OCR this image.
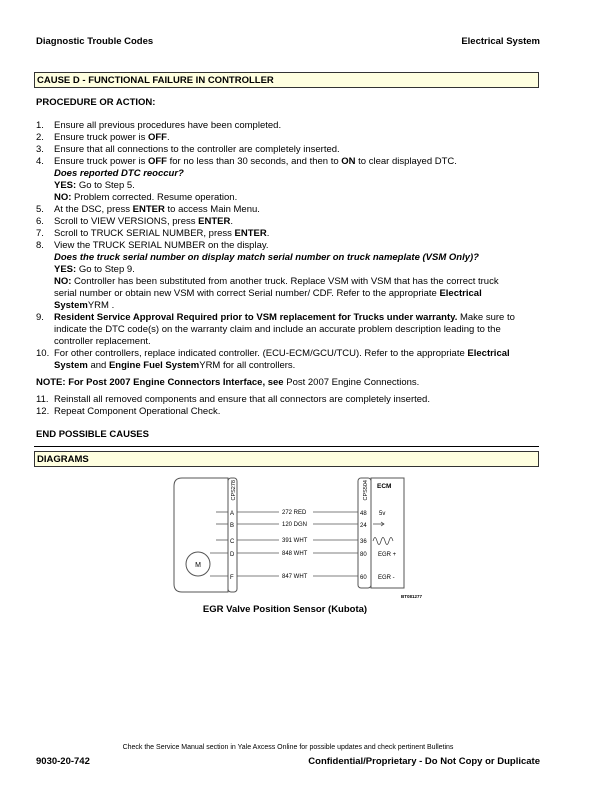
Diagnostic Trouble Codes	Electrical System
CAUSE D - FUNCTIONAL FAILURE IN CONTROLLER
PROCEDURE OR ACTION:
1.	Ensure all previous procedures have been completed.
2.	Ensure truck power is OFF.
3.	Ensure that all connections to the controller are completely inserted.
4.	Ensure truck power is OFF for no less than 30 seconds, and then to ON to clear displayed DTC.
Does reported DTC reoccur?
YES: Go to Step 5.
NO: Problem corrected. Resume operation.
5.	At the DSC, press ENTER to access Main Menu.
6.	Scroll to VIEW VERSIONS, press ENTER.
7.	Scroll to TRUCK SERIAL NUMBER, press ENTER.
8.	View the TRUCK SERIAL NUMBER on the display.
Does the truck serial number on display match serial number on truck nameplate (VSM Only)?
YES: Go to Step 9.
NO: Controller has been substituted from another truck. Replace VSM with VSM that has the correct truck
serial number or obtain new VSM with correct Serial number/ CDF. Refer to the appropriate Electrical
SystemYRM .
9.	Resident Service Approval Required prior to VSM replacement for Trucks under warranty. Make sure to
indicate the DTC code(s) on the warranty claim and include an accurate problem description leading to the
controller replacement.
10. For other controllers, replace indicated controller. (ECU-ECM/GCU/TCU). Refer to the appropriate Electrical
System and Engine Fuel SystemYRM for all controllers.
NOTE: For Post 2007 Engine Connectors Interface, see Post 2007 Engine Connections.
11. Reinstall all removed components and ensure that all connectors are completely inserted.
12. Repeat Component Operational Check.
END POSSIBLE CAUSES
DIAGRAMS
CPS278
M
A
B
C
D
F
272 RED
120 DGN
391 WHT
848 WHT
847 WHT
CPS504 ECM
48
24
36
80
60
5v
EGR +
EGR -
BT081277
EGR Valve Position Sensor (Kubota)
Check the Service Manual section in Yale Axcess Online for possible updates and check pertinent Bulletins
9030-20-742	Confidential/Proprietary - Do Not Copy or Duplicate
